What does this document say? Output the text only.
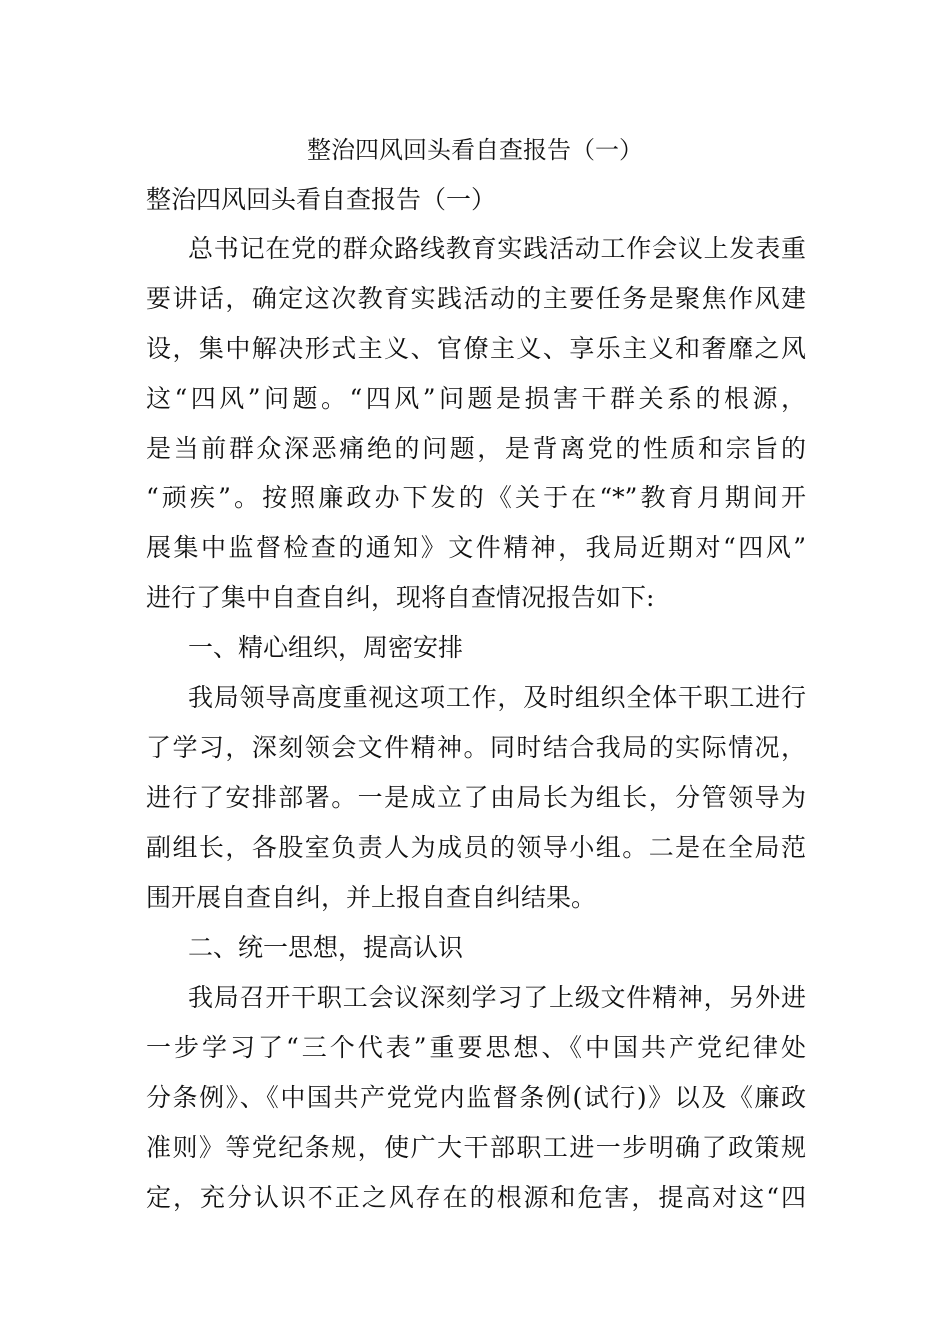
整治四风回头看自查报告（一）
整治四风回头看自查报告（一）
总书记在党的群众路线教育实践活动工作会议上发表重
要讲话，确定这次教育实践活动的主要任务是聚焦作风建
设，集中解决形式主义、官僚主义、享乐主义和奢靡之风
这“四风”问题。“四风”问题是损害干群关系的根源，
是当前群众深恶痛绝的问题，是背离党的性质和宗旨的
“顽疾”。按照廉政办下发的《关于在“*”教育月期间开
展集中监督检查的通知》文件精神，我局近期对“四风”
进行了集中自查自纠，现将自查情况报告如下:
一、精心组织，周密安排
我局领导高度重视这项工作，及时组织全体干职工进行
了学习，深刻领会文件精神。同时结合我局的实际情况，
进行了安排部署。一是成立了由局长为组长，分管领导为
副组长，各股室负责人为成员的领导小组。二是在全局范
围开展自查自纠，并上报自查自纠结果。
二、统一思想，提高认识
我局召开干职工会议深刻学习了上级文件精神，另外进
一步学习了“三个代表”重要思想、《中国共产党纪律处
分条例》、《中国共产党党内监督条例(试行)》以及《廉政
准则》等党纪条规，使广大干部职工进一步明确了政策规
定，充分认识不正之风存在的根源和危害，提高对这“四
